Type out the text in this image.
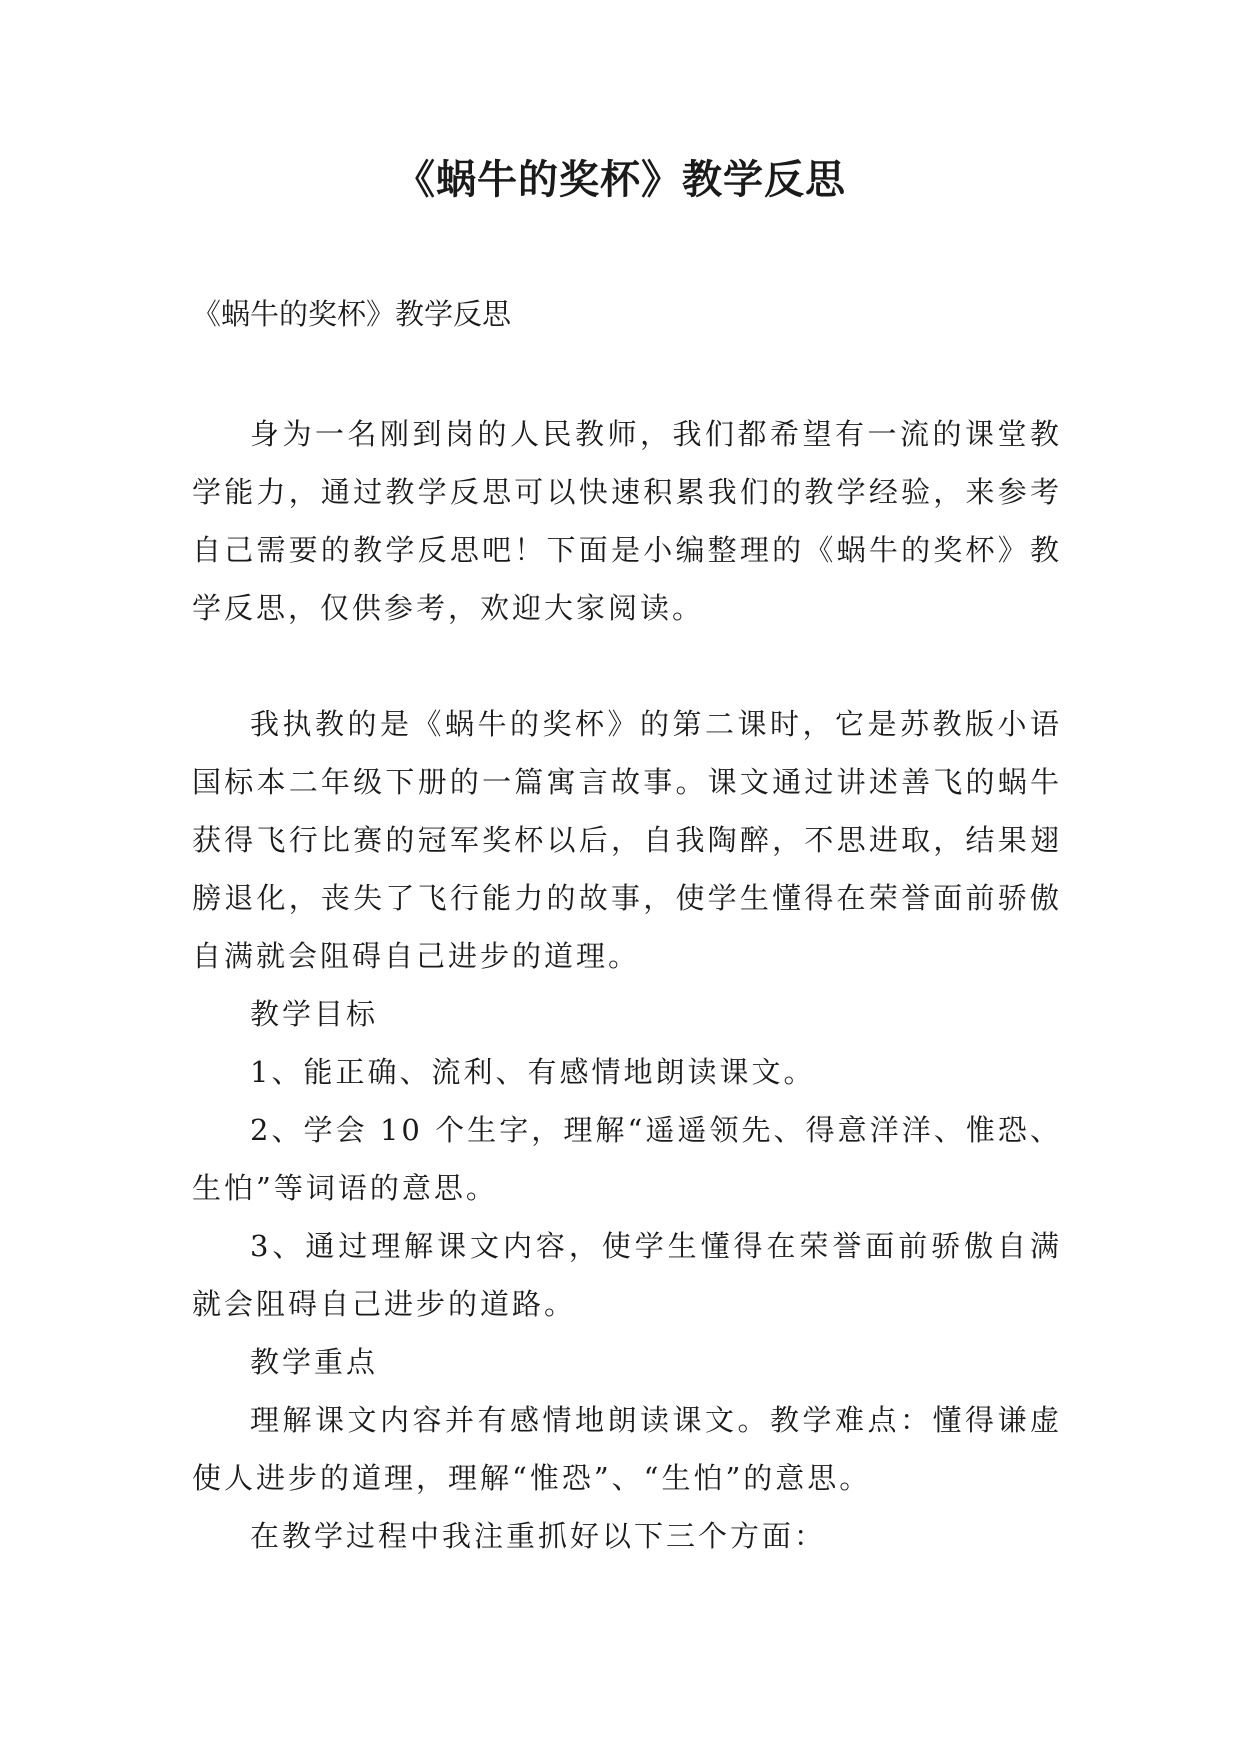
《蜗牛的奖杯》教学反思

《蜗牛的奖杯》教学反思

身为一名刚到岗的人民教师，我们都希望有一流的课堂教学能力，通过教学反思可以快速积累我们的教学经验，来参考自己需要的教学反思吧！下面是小编整理的《蜗牛的奖杯》教学反思，仅供参考，欢迎大家阅读。

我执教的是《蜗牛的奖杯》的第二课时，它是苏教版小语国标本二年级下册的一篇寓言故事。课文通过讲述善飞的蜗牛获得飞行比赛的冠军奖杯以后，自我陶醉，不思进取，结果翅膀退化，丧失了飞行能力的故事，使学生懂得在荣誉面前骄傲自满就会阻碍自己进步的道理。

教学目标

1、能正确、流利、有感情地朗读课文。

2、学会 10 个生字，理解“遥遥领先、得意洋洋、惟恐、生怕”等词语的意思。

3、通过理解课文内容，使学生懂得在荣誉面前骄傲自满就会阻碍自己进步的道路。

教学重点

理解课文内容并有感情地朗读课文。教学难点：懂得谦虚使人进步的道理，理解“惟恐”、“生怕”的意思。

在教学过程中我注重抓好以下三个方面：
